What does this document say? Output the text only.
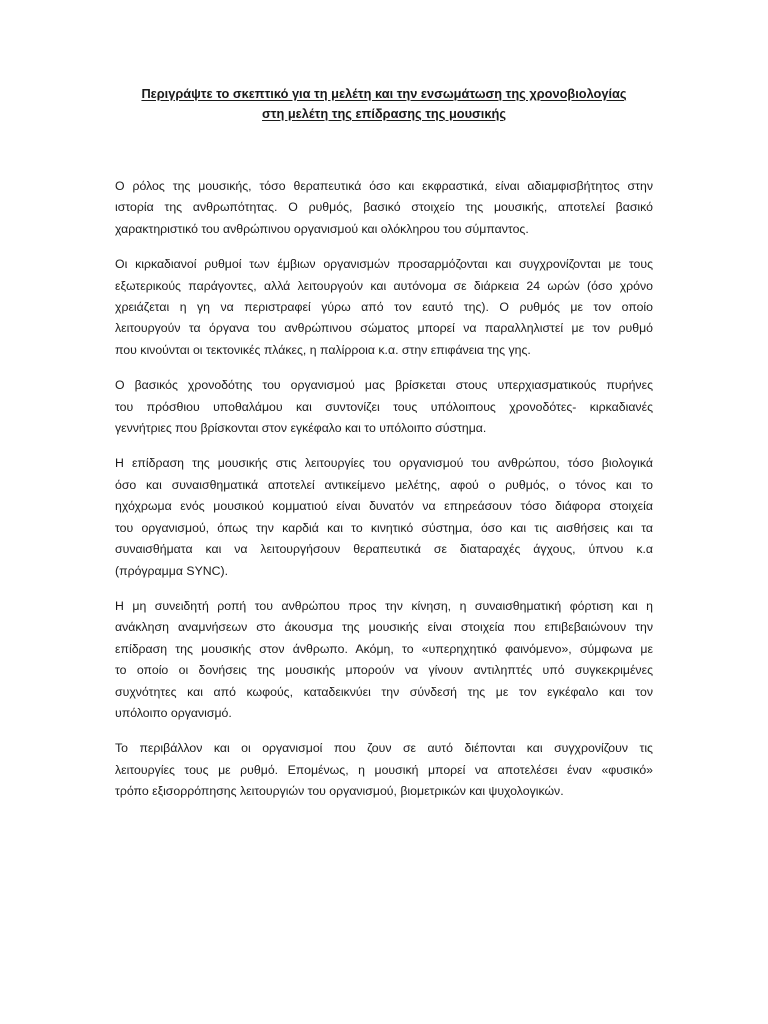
Περιγράψτε το σκεπτικό για τη μελέτη και την ενσωμάτωση της χρονοβιολογίας
στη μελέτη της επίδρασης της μουσικής

Ο ρόλος της μουσικής, τόσο θεραπευτικά όσο και εκφραστικά, είναι αδιαμφισβήτητος στην
ιστορία της ανθρωπότητας. Ο ρυθμός, βασικό στοιχείο της μουσικής, αποτελεί βασικό
χαρακτηριστικό του ανθρώπινου οργανισμού και ολόκληρου του σύμπαντος.

Οι κιρκαδιανοί ρυθμοί των έμβιων οργανισμών προσαρμόζονται και συγχρονίζονται με τους
εξωτερικούς παράγοντες, αλλά λειτουργούν και αυτόνομα σε διάρκεια 24 ωρών (όσο χρόνο
χρειάζεται η γη να περιστραφεί γύρω από τον εαυτό της). Ο ρυθμός με τον οποίο
λειτουργούν τα όργανα του ανθρώπινου σώματος μπορεί να παραλληλιστεί με τον ρυθμό
που κινούνται οι τεκτονικές πλάκες, η παλίρροια κ.α. στην επιφάνεια της γης.

Ο βασικός χρονοδότης του οργανισμού μας βρίσκεται στους υπερχιασματικούς πυρήνες
του πρόσθιου υποθαλάμου και συντονίζει τους υπόλοιπους χρονοδότες- κιρκαδιανές
γεννήτριες που βρίσκονται στον εγκέφαλο και το υπόλοιπο σύστημα.

Η επίδραση της μουσικής στις λειτουργίες του οργανισμού του ανθρώπου, τόσο βιολογικά
όσο και συναισθηματικά αποτελεί αντικείμενο μελέτης, αφού ο ρυθμός, ο τόνος και το
ηχόχρωμα ενός μουσικού κομματιού είναι δυνατόν να επηρεάσουν τόσο διάφορα στοιχεία
του οργανισμού, όπως την καρδιά και το κινητικό σύστημα, όσο και τις αισθήσεις και τα
συναισθήματα και να λειτουργήσουν θεραπευτικά σε διαταραχές άγχους, ύπνου κ.α
(πρόγραμμα SYNC).

Η μη συνειδητή ροπή του ανθρώπου προς την κίνηση, η συναισθηματική φόρτιση και η
ανάκληση αναμνήσεων στο άκουσμα της μουσικής είναι στοιχεία που επιβεβαιώνουν την
επίδραση της μουσικής στον άνθρωπο. Ακόμη, το «υπερηχητικό φαινόμενο», σύμφωνα με
το οποίο οι δονήσεις της μουσικής μπορούν να γίνουν αντιληπτές υπό συγκεκριμένες
συχνότητες και από κωφούς, καταδεικνύει την σύνδεσή της με τον εγκέφαλο και τον
υπόλοιπο οργανισμό.

Το περιβάλλον και οι οργανισμοί που ζουν σε αυτό διέπονται και συγχρονίζουν τις
λειτουργίες τους με ρυθμό. Επομένως, η μουσική μπορεί να αποτελέσει έναν «φυσικό»
τρόπο εξισορρόπησης λειτουργιών του οργανισμού, βιομετρικών και ψυχολογικών.
